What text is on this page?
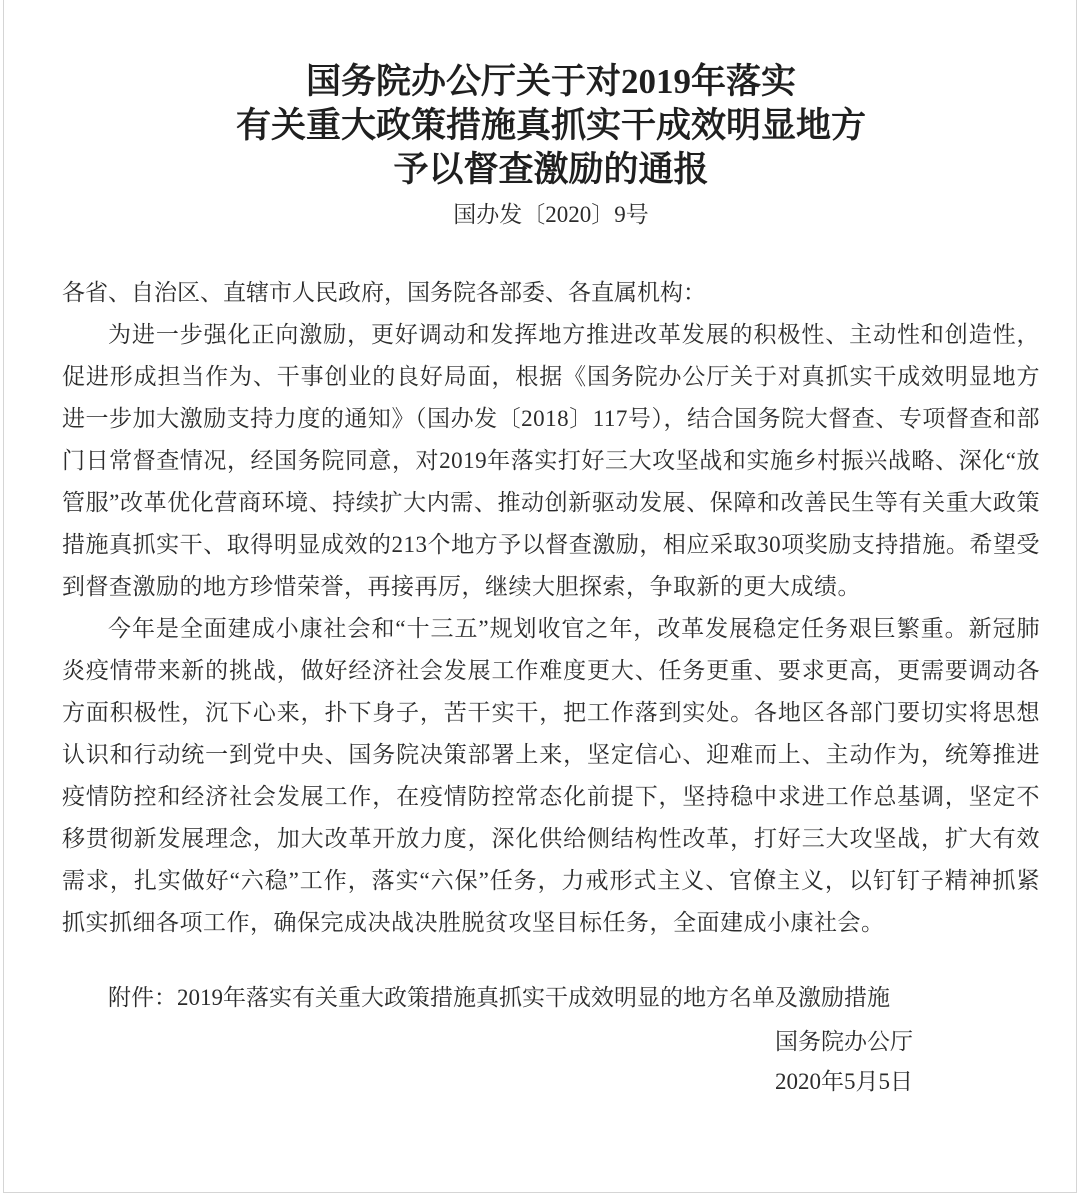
国务院办公厅关于对2019年落实
有关重大政策措施真抓实干成效明显地方
予以督查激励的通报
国办发〔2020〕9号
各省、自治区、直辖市人民政府，国务院各部委、各直属机构：

为进一步强化正向激励，更好调动和发挥地方推进改革发展的积极性、主动性和创造性，促进形成担当作为、干事创业的良好局面，根据《国务院办公厅关于对真抓实干成效明显地方进一步加大激励支持力度的通知》（国办发〔2018〕117号），结合国务院大督查、专项督查和部门日常督查情况，经国务院同意，对2019年落实打好三大攻坚战和实施乡村振兴战略、深化“放管服”改革优化营商环境、持续扩大内需、推动创新驱动发展、保障和改善民生等有关重大政策措施真抓实干、取得明显成效的213个地方予以督查激励，相应采取30项奖励支持措施。希望受到督查激励的地方珍惜荣誉，再接再厉，继续大胆探索，争取新的更大成绩。

今年是全面建成小康社会和“十三五”规划收官之年，改革发展稳定任务艰巨繁重。新冠肺炎疫情带来新的挑战，做好经济社会发展工作难度更大、任务更重、要求更高，更需要调动各方面积极性，沉下心来，扑下身子，苦干实干，把工作落到实处。各地区各部门要切实将思想认识和行动统一到党中央、国务院决策部署上来，坚定信心、迎难而上、主动作为，统筹推进疫情防控和经济社会发展工作，在疫情防控常态化前提下，坚持稳中求进工作总基调，坚定不移贯彻新发展理念，加大改革开放力度，深化供给侧结构性改革，打好三大攻坚战，扩大有效需求，扎实做好“六稳”工作，落实“六保”任务，力戒形式主义、官僚主义，以钉钉子精神抓紧抓实抓细各项工作，确保完成决战决胜脱贫攻坚目标任务，全面建成小康社会。

附件：2019年落实有关重大政策措施真抓实干成效明显的地方名单及激励措施
国务院办公厅
2020年5月5日
